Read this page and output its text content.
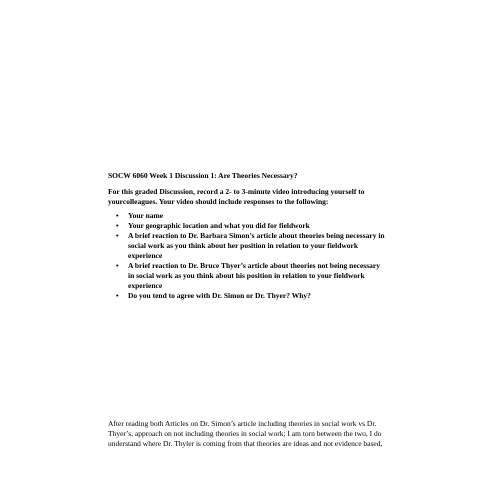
SOCW 6060 Week 1 Discussion 1: Are Theories Necessary?
For this graded Discussion, record a 2- to 3-minute video introducing yourself to
yourcolleagues. Your video should include responses to the following:
• Your name
• Your geographic location and what you did for fieldwork
• A brief reaction to Dr. Barbara Simon’s article about theories being necessary in
social work as you think about her position in relation to your fieldwork
experience
• A brief reaction to Dr. Bruce Thyer’s article about theories not being necessary
in social work as you think about his position in relation to your fieldwork
experience
• Do you tend to agree with Dr. Simon or Dr. Thyer? Why?
After reading both Articles on Dr. Simon’s article including theories in social work vs Dr.
Thyer’s, approach on not including theories in social work; I am torn between the two, I do
understand where Dr. Thyler is coming from that theories are ideas and not evidence based,
